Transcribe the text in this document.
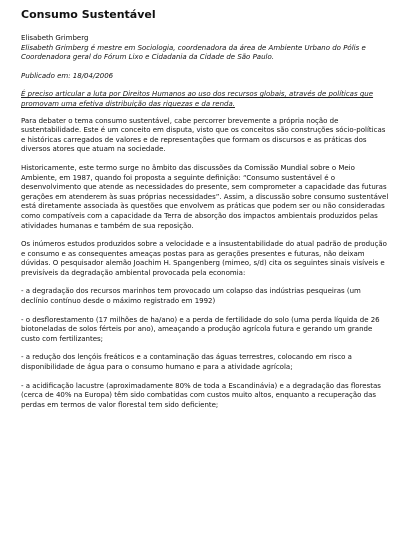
Consumo Sustentável
Elisabeth Grimberg
Elisabeth Grimberg é mestre em Sociologia, coordenadora da área de Ambiente Urbano do Pólis e Coordenadora geral do Fórum Lixo e Cidadania da Cidade de São Paulo.
Publicado em: 18/04/2006
É preciso articular a luta por Direitos Humanos ao uso dos recursos globais, através de políticas que promovam uma efetiva distribuição das riquezas e da renda.
Para debater o tema consumo sustentável, cabe percorrer brevemente a própria noção de sustentabilidade. Este é um conceito em disputa, visto que os conceitos são construções sócio-políticas e históricas carregados de valores e de representações que formam os discursos e as práticas dos diversos atores que atuam na sociedade.
Historicamente, este termo surge no âmbito das discussões da Comissão Mundial sobre o Meio Ambiente, em 1987, quando foi proposta a seguinte definição: “Consumo sustentável é o desenvolvimento que atende as necessidades do presente, sem comprometer a capacidade das futuras gerações em atenderem às suas próprias necessidades”. Assim, a discussão sobre consumo sustentável está diretamente associada às questões que envolvem as práticas que podem ser ou não consideradas como compatíveis com a capacidade da Terra de absorção dos impactos ambientais produzidos pelas atividades humanas e também de sua reposição.
Os inúmeros estudos produzidos sobre a velocidade e a insustentabilidade do atual padrão de produção e consumo e as consequentes ameaças postas para as gerações presentes e futuras, não deixam dúvidas. O pesquisador alemão Joachim H. Spangenberg (mimeo, s/d) cita os seguintes sinais visíveis e previsíveis da degradação ambiental provocada pela economia:
- a degradação dos recursos marinhos tem provocado um colapso das indústrias pesqueiras (um declínio contínuo desde o máximo registrado em 1992)
- o desflorestamento (17 milhões de ha/ano) e a perda de fertilidade do solo (uma perda líquida de 26 biotoneladas de solos férteis por ano), ameaçando a produção agrícola futura e gerando um grande custo com fertilizantes;
- a redução dos lençóis freáticos e a contaminação das águas terrestres, colocando em risco a disponibilidade de água para o consumo humano e para a atividade agrícola;
- a acidificação lacustre (aproximadamente 80% de toda a Escandinávia) e a degradação das florestas (cerca de 40% na Europa) têm sido combatidas com custos muito altos, enquanto a recuperação das perdas em termos de valor florestal tem sido deficiente;
